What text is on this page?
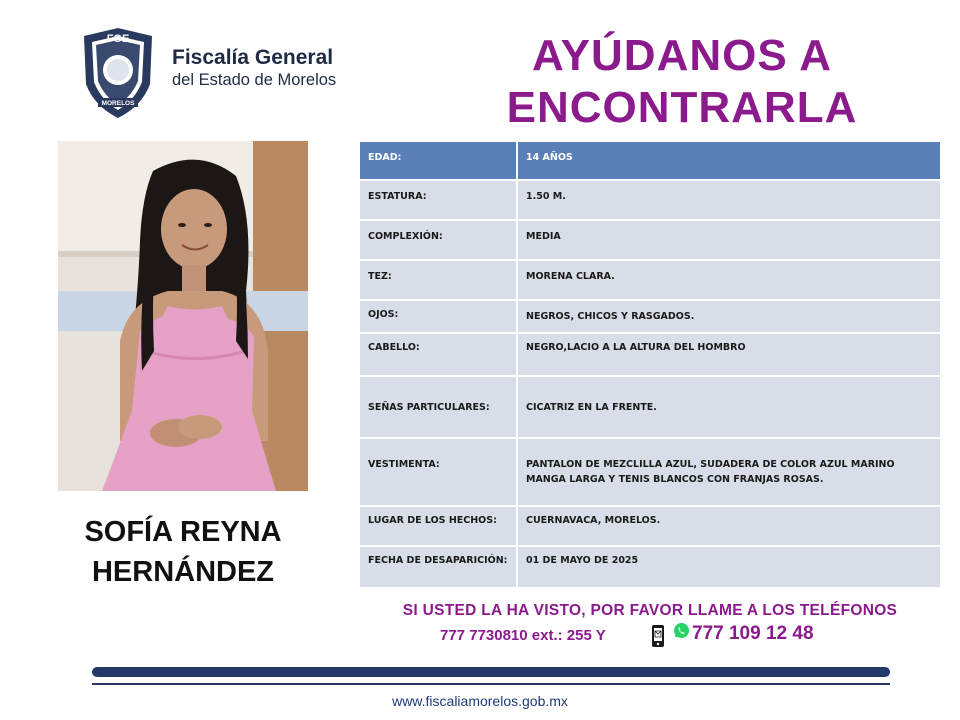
FGE
MORELOS
Fiscalía General
del Estado de Morelos	AYÚDANOS A
ENCONTRARLA
SOFÍA REYNA
HERNÁNDEZ
EDAD:	14 AÑOS
ESTATURA:	1.50 M.
COMPLEXIÓN:	MEDIA
TEZ:	MORENA CLARA.
OJOS:	NEGROS, CHICOS Y RASGADOS.
CABELLO:	NEGRO,LACIO A LA ALTURA DEL HOMBRO
SEÑAS PARTICULARES:	CICATRIZ EN LA FRENTE.
VESTIMENTA:	PANTALON DE MEZCLILLA AZUL, SUDADERA DE COLOR AZUL MARINO MANGA LARGA Y TENIS BLANCOS CON FRANJAS ROSAS.
LUGAR DE LOS HECHOS:	CUERNAVACA, MORELOS.
FECHA DE DESAPARICIÓN:	01 DE MAYO DE 2025
SI USTED LA HA VISTO, POR FAVOR LLAME A LOS TELÉFONOS
777 7730810 ext.: 255 Y	777 109 12 48
www.fiscaliamorelos.gob.mx
